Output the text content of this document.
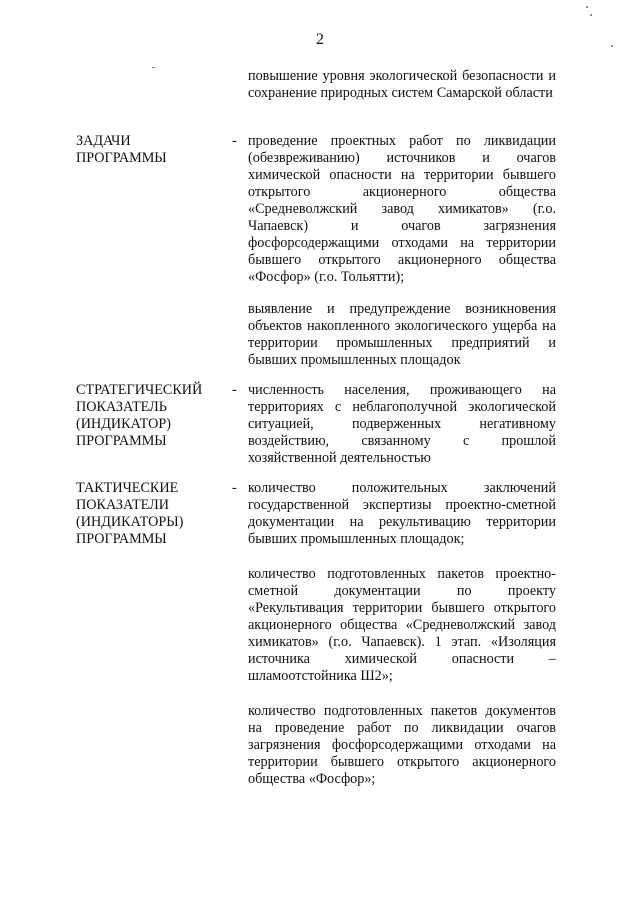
2
повышение уровня экологической безопасности и сохранение природных систем Самарской области
ЗАДАЧИ
ПРОГРАММЫ
- проведение проектных работ по ликвидации (обезвреживанию) источников и очагов химической опасности на территории бывшего открытого акционерного общества «Средневолжский завод химикатов» (г.о. Чапаевск) и очагов загрязнения фосфорсодержащими отходами на территории бывшего открытого акционерного общества «Фосфор» (г.о. Тольятти);
выявление и предупреждение возникновения объектов накопленного экологического ущерба на территории промышленных предприятий и бывших промышленных площадок
СТРАТЕГИЧЕСКИЙ
ПОКАЗАТЕЛЬ
(ИНДИКАТОР)
ПРОГРАММЫ
- численность населения, проживающего на территориях с неблагополучной экологической ситуацией, подверженных негативному воздействию, связанному с прошлой хозяйственной деятельностью
ТАКТИЧЕСКИЕ
ПОКАЗАТЕЛИ
(ИНДИКАТОРЫ)
ПРОГРАММЫ
- количество положительных заключений государственной экспертизы проектно-сметной документации на рекультивацию территории бывших промышленных площадок;
количество подготовленных пакетов проектно-сметной документации по проекту «Рекультивация территории бывшего открытого акционерного общества «Средневолжский завод химикатов» (г.о. Чапаевск). 1 этап. «Изоляция источника химической опасности – шламоотстойника Ш2»;
количество подготовленных пакетов документов на проведение работ по ликвидации очагов загрязнения фосфорсодержащими отходами на территории бывшего открытого акционерного общества «Фосфор»;
